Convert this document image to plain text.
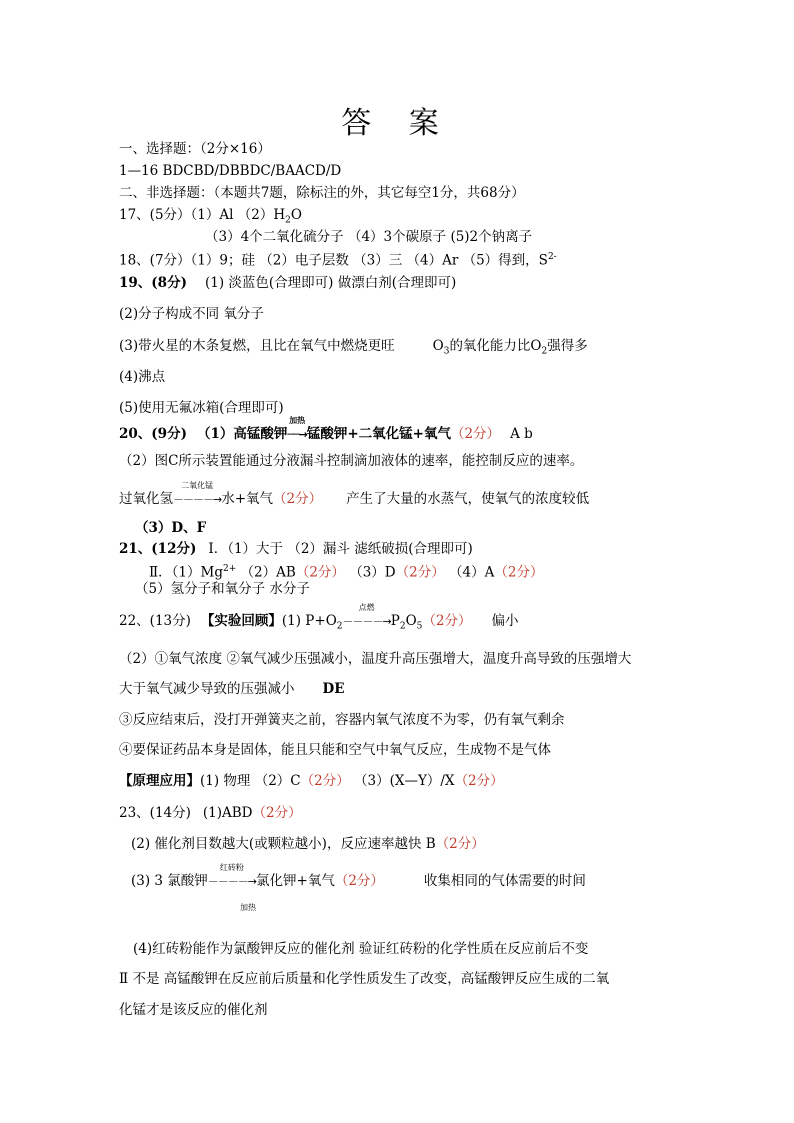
答 案
一、选择题：（2分×16）
1—16 BDCBD/DBBDC/BAACD/D
二、非选择题：（本题共7题，除标注的外，其它每空1分，共68分）
17、(5分）（1）Al $(2)H_2O$
（3）4个二氧化硫分子 （4）3个碳原子 (5)2个钠离子
18、(7分）（1）9；硅 （2）电子层数 （3）三 （4）Ar （5）得到，$S^{2-}$
19、(8分) (1) 淡蓝色(合理即可) 做漂白剂(合理即可)
(2)分子构成不同 氧分子
(3)带火星的木条复燃，且比在氧气中燃烧更旺	$O_3$的氧化能力比$O_2$强得多
(4)沸点
(5)使用无氟冰箱(合理即可)
20、(9分) （1）高锰酸钾
加热
──→锰酸钾+二氧化锰+氧气（2分） A b
（2）图C所示装置能通过分液漏斗控制滴加液体的速率，能控制反应的速率。
过氧化氢
二氧化锰
－－－－→水+氧气（2分） 产生了大量的水蒸气，使氧气的浓度较低
（3）D、F
21、(12分) Ⅰ．（1）大于 （2）漏斗 滤纸破损(合理即可)
Ⅱ．$(1)Mg^{2+}$ （2）AB（2分） （3）D（2分） （4）A（2分）
（5）氢分子和氧分子 水分子
22、(13分) 【实验回顾】(1) $P+O_2$
点燃
$----\to P_2O_5(2$分） 偏小
（2）①氧气浓度 ②氧气减少压强减小，温度升高压强增大，温度升高导致的压强增大
大于氧气减少导致的压强减小 DE
③反应结束后，没打开弹簧夹之前，容器内氧气浓度不为零，仍有氧气剩余
④要保证药品本身是固体，能且只能和空气中氧气反应，生成物不是气体
【原理应用】(1) 物理 （2）C（2分） （3）(X—Y）/X（2分）
23、(14分) (1)ABD（2分）
(2) 催化剂目数越大(或颗粒越小)，反应速率越快 B（2分）
(3) 3 氯酸钾
红砖粉
－－－－→氯化钾+氧气（2分）	收集相同的气体需要的时间
加热
(4)红砖粉能作为氯酸钾反应的催化剂 验证红砖粉的化学性质在反应前后不变
Ⅱ 不是 高锰酸钾在反应前后质量和化学性质发生了改变，高锰酸钾反应生成的二氧
化锰才是该反应的催化剂
